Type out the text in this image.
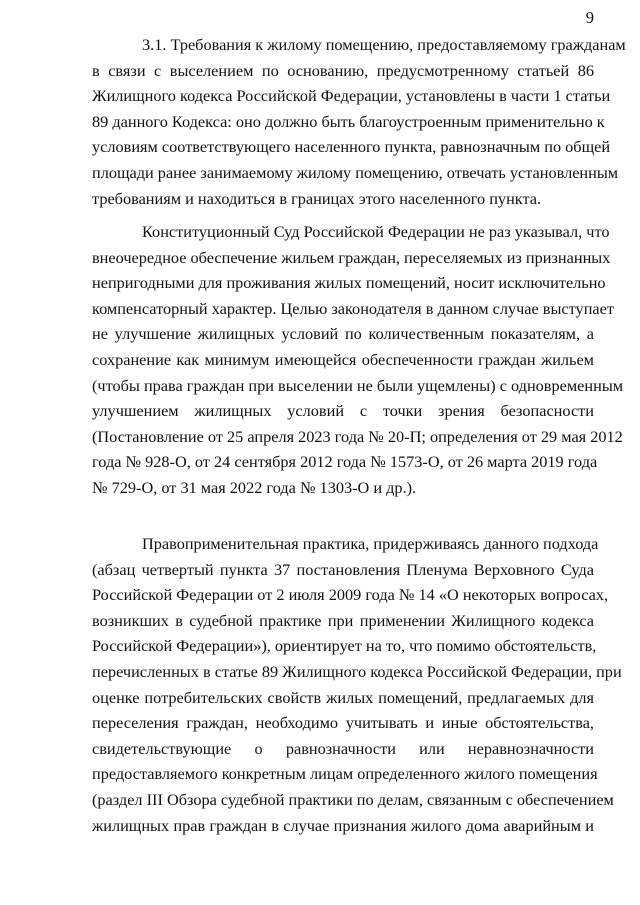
9
3.1. Требования к жилому помещению, предоставляемому гражданам
в связи с выселением по основанию, предусмотренному статьей 86
Жилищного кодекса Российской Федерации, установлены в части 1 статьи
89 данного Кодекса: оно должно быть благоустроенным применительно к
условиям соответствующего населенного пункта, равнозначным по общей
площади ранее занимаемому жилому помещению, отвечать установленным
требованиям и находиться в границах этого населенного пункта.
Конституционный Суд Российской Федерации не раз указывал, что
внеочередное обеспечение жильем граждан, переселяемых из признанных
непригодными для проживания жилых помещений, носит исключительно
компенсаторный характер. Целью законодателя в данном случае выступает
не улучшение жилищных условий по количественным показателям, а
сохранение как минимум имеющейся обеспеченности граждан жильем
(чтобы права граждан при выселении не были ущемлены) с одновременным
улучшением жилищных условий с точки зрения безопасности
(Постановление от 25 апреля 2023 года № 20-П; определения от 29 мая 2012
года № 928-О, от 24 сентября 2012 года № 1573-О, от 26 марта 2019 года
№ 729-О, от 31 мая 2022 года № 1303-О и др.).
Правоприменительная практика, придерживаясь данного подхода
(абзац четвертый пункта 37 постановления Пленума Верховного Суда
Российской Федерации от 2 июля 2009 года № 14 «О некоторых вопросах,
возникших в судебной практике при применении Жилищного кодекса
Российской Федерации»), ориентирует на то, что помимо обстоятельств,
перечисленных в статье 89 Жилищного кодекса Российской Федерации, при
оценке потребительских свойств жилых помещений, предлагаемых для
переселения граждан, необходимо учитывать и иные обстоятельства,
свидетельствующие о равнозначности или неравнозначности
предоставляемого конкретным лицам определенного жилого помещения
(раздел III Обзора судебной практики по делам, связанным с обеспечением
жилищных прав граждан в случае признания жилого дома аварийным и
